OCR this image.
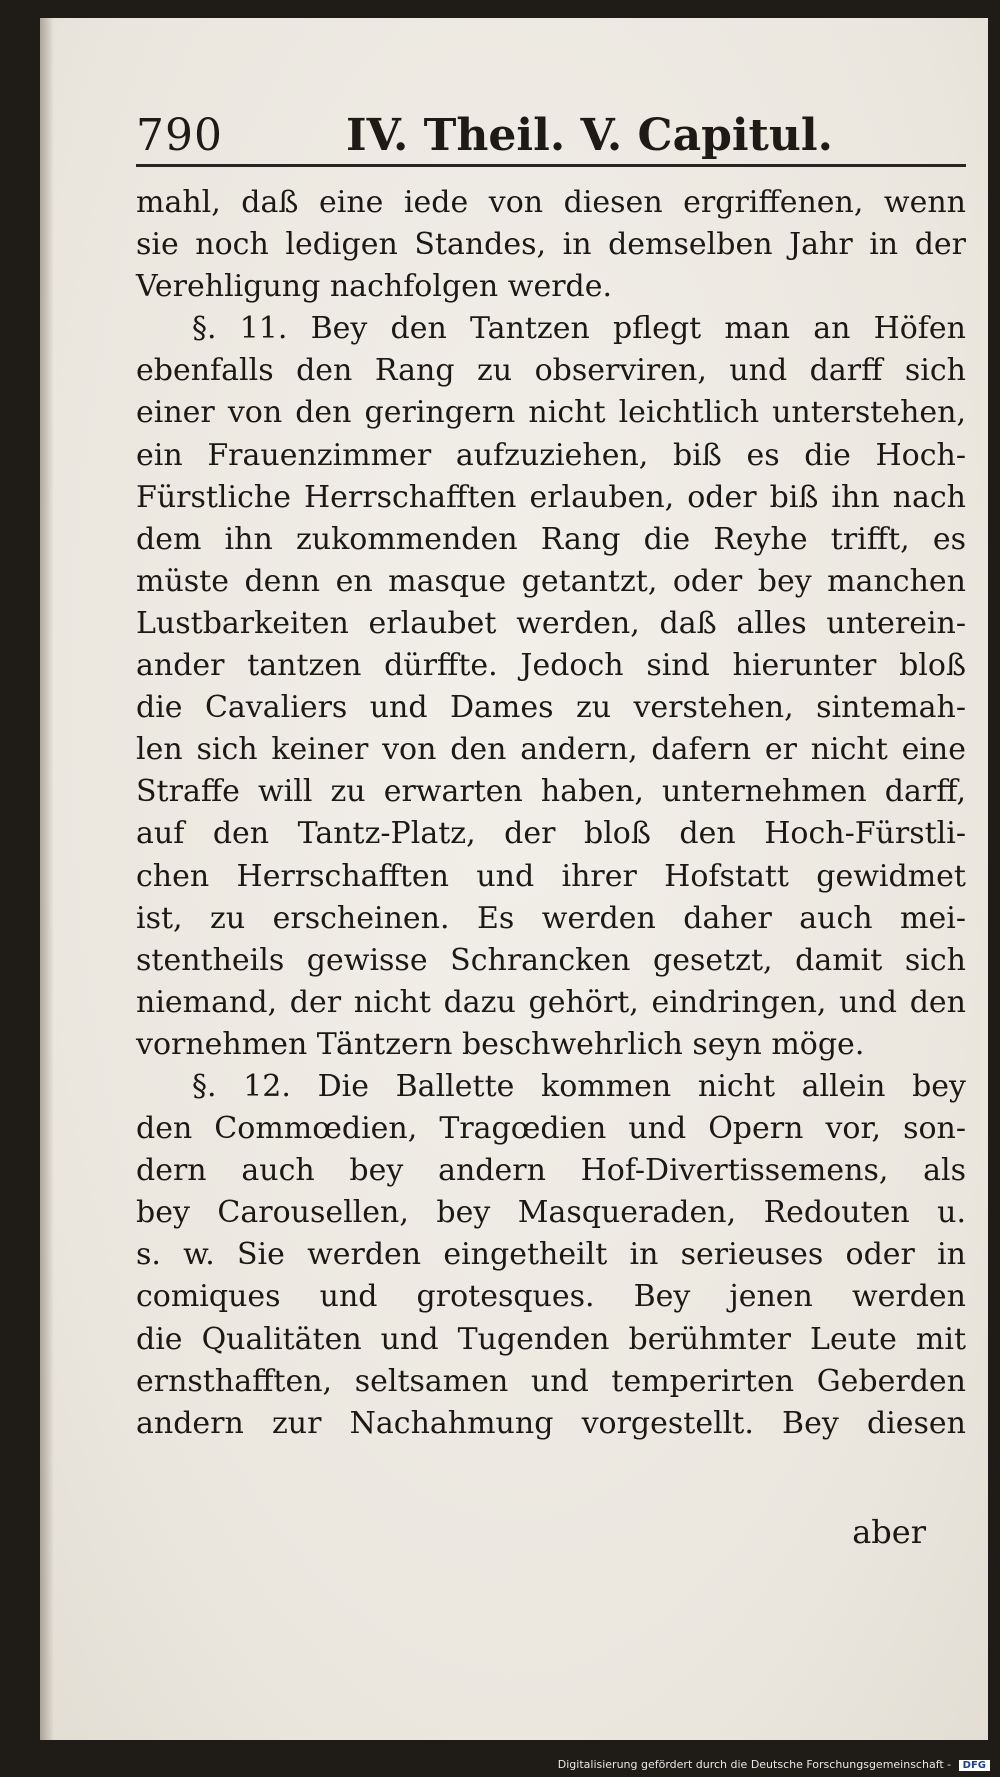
790	IV. Theil. V. Capitul.
mahl, daß eine iede von diesen ergriffenen, wenn
sie noch ledigen Standes, in demselben Jahr in der
Verehligung nachfolgen werde.
§. 11. Bey den Tantzen pflegt man an Höfen
ebenfalls den Rang zu observiren, und darff sich
einer von den geringern nicht leichtlich unterstehen,
ein Frauenzimmer aufzuziehen, biß es die Hoch-
Fürstliche Herrschafften erlauben, oder biß ihn nach
dem ihn zukommenden Rang die Reyhe trifft, es
müste denn en masque getantzt, oder bey manchen
Lustbarkeiten erlaubet werden, daß alles unterein-
ander tantzen dürffte. Jedoch sind hierunter bloß
die Cavaliers und Dames zu verstehen, sintemah-
len sich keiner von den andern, dafern er nicht eine
Straffe will zu erwarten haben, unternehmen darff,
auf den Tantz-Platz, der bloß den Hoch-Fürstli-
chen Herrschafften und ihrer Hofstatt gewidmet
ist, zu erscheinen. Es werden daher auch mei-
stentheils gewisse Schrancken gesetzt, damit sich
niemand, der nicht dazu gehört, eindringen, und den
vornehmen Täntzern beschwehrlich seyn möge.
§. 12. Die Ballette kommen nicht allein bey
den Commœdien, Tragœdien und Opern vor, son-
dern auch bey andern Hof-Divertissemens, als
bey Carousellen, bey Masqueraden, Redouten u.
s. w. Sie werden eingetheilt in serieuses oder in
comiques und grotesques. Bey jenen werden
die Qualitäten und Tugenden berühmter Leute mit
ernsthafften, seltsamen und temperirten Geberden
andern zur Nachahmung vorgestellt. Bey diesen
aber
Digitalisierung gefördert durch die Deutsche Forschungsgemeinschaft - DFG
